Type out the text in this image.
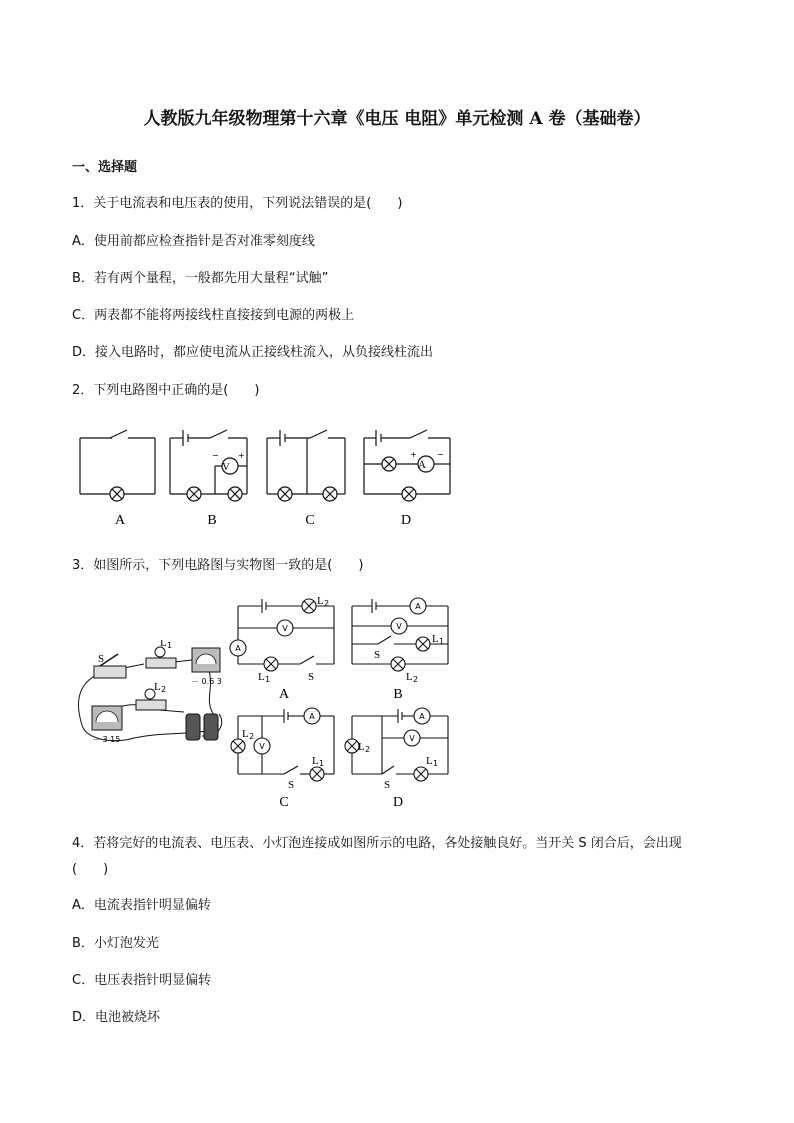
人教版九年级物理第十六章《电压 电阻》单元检测 A 卷（基础卷）
一、选择题
1．关于电流表和电压表的使用，下列说法错误的是(　　)
A．使用前都应检查指针是否对准零刻度线
B．若有两个量程，一般都先用大量程“试触”
C．两表都不能将两接线柱直接接到电源的两极上
D．接入电路时，都应使电流从正接线柱流入，从负接线柱流出
2．下列电路图中正确的是(　　)
V
− +
A
+	−
A	B	C	D
3．如图所示，下列电路图与实物图一致的是(　　)
S
L 1
L 2
－ 0.6 3
－ 3 15
V
A
A
V
A
V
A
V
L 2
L 1	S
L 1
S
L 2
L 2
S
L 1
L 2
S
L 1
A	B
C	D
4．若将完好的电流表、电压表、小灯泡连接成如图所示的电路，各处接触良好。当开关 S 闭合后，会出现
(　　)
A．电流表指针明显偏转
B．小灯泡发光
C．电压表指针明显偏转
D．电池被烧坏
